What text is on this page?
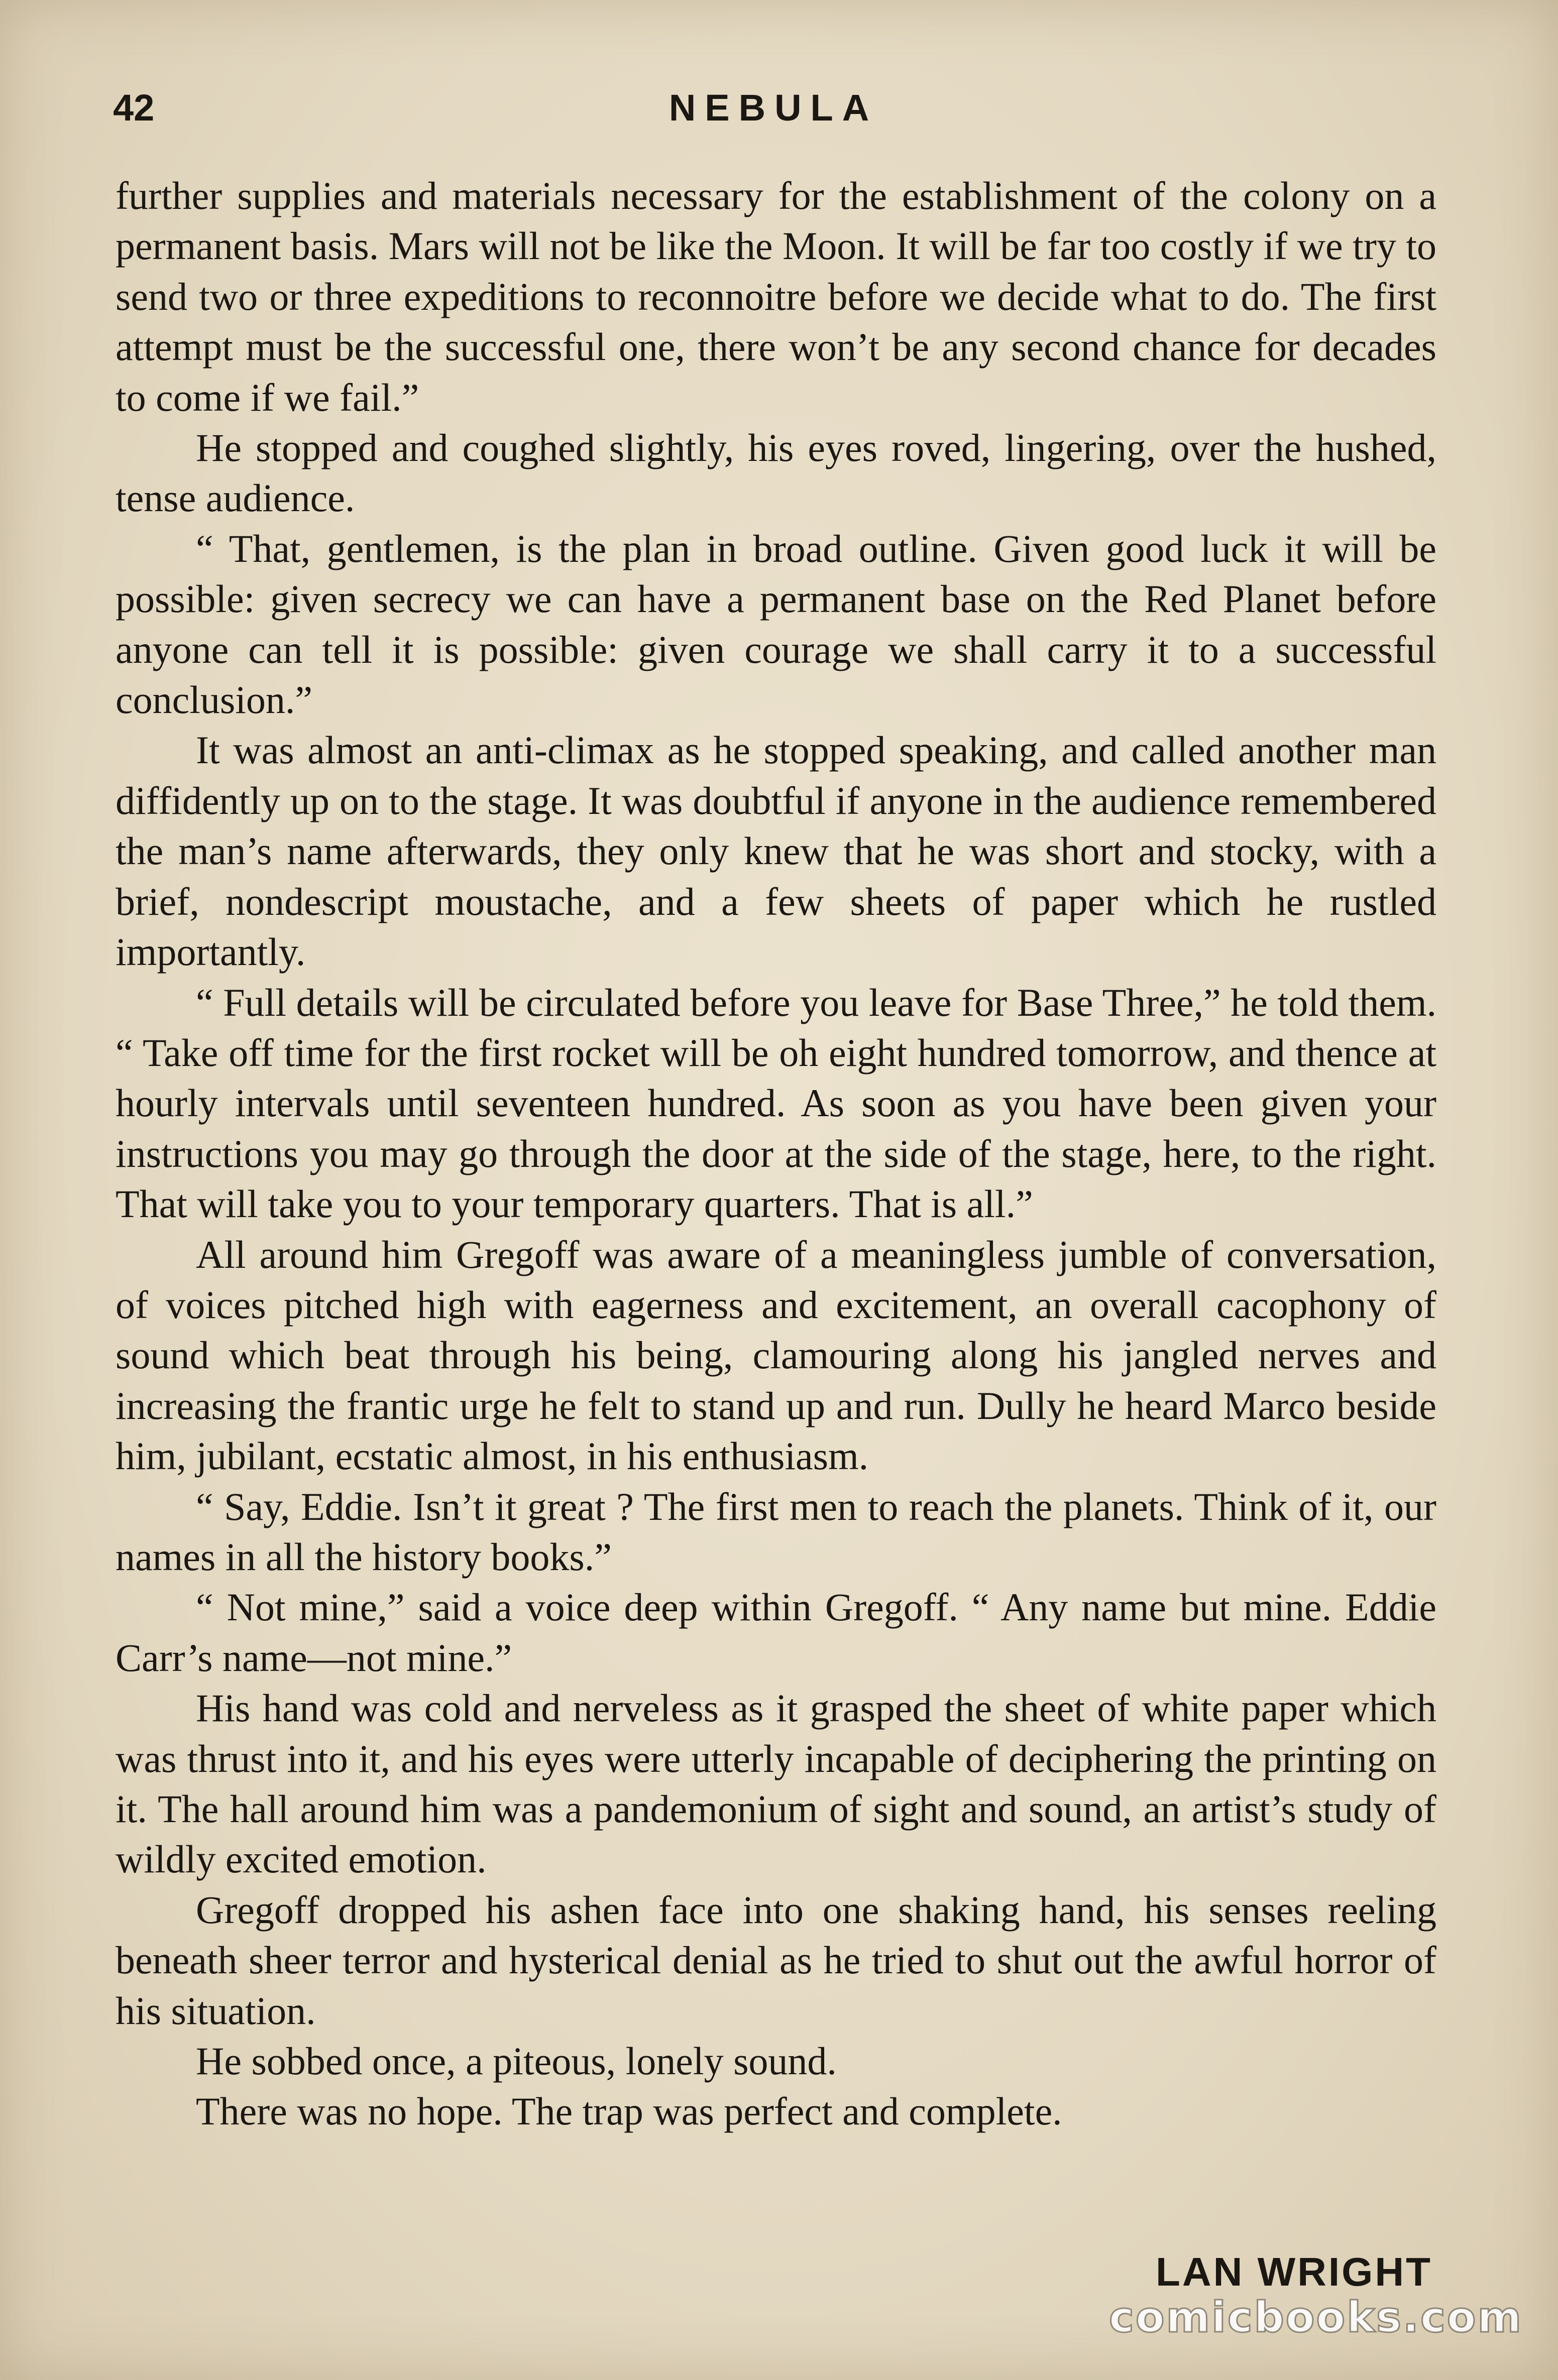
42	NEBULA

further supplies and materials necessary for the establishment of the colony on a permanent basis. Mars will not be like the Moon. It will be far too costly if we try to send two or three expeditions to reconnoitre before we decide what to do. The first attempt must be the successful one, there won’t be any second chance for decades to come if we fail.”

He stopped and coughed slightly, his eyes roved, lingering, over the hushed, tense audience.

“ That, gentlemen, is the plan in broad outline. Given good luck it will be possible: given secrecy we can have a permanent base on the Red Planet before anyone can tell it is possible: given courage we shall carry it to a successful conclusion.”

It was almost an anti-climax as he stopped speaking, and called another man diffidently up on to the stage. It was doubtful if anyone in the audience remembered the man’s name afterwards, they only knew that he was short and stocky, with a brief, nondescript moustache, and a few sheets of paper which he rustled importantly.

“ Full details will be circulated before you leave for Base Three,” he told them. “ Take off time for the first rocket will be oh eight hundred tomorrow, and thence at hourly intervals until seventeen hundred. As soon as you have been given your instructions you may go through the door at the side of the stage, here, to the right. That will take you to your temporary quarters. That is all.”

All around him Gregoff was aware of a meaningless jumble of conversation, of voices pitched high with eagerness and excitement, an overall cacophony of sound which beat through his being, clamouring along his jangled nerves and increasing the frantic urge he felt to stand up and run. Dully he heard Marco beside him, jubilant, ecstatic almost, in his enthusiasm.

“ Say, Eddie. Isn’t it great ? The first men to reach the planets. Think of it, our names in all the history books.”

“ Not mine,” said a voice deep within Gregoff. “ Any name but mine. Eddie Carr’s name—not mine.”

His hand was cold and nerveless as it grasped the sheet of white paper which was thrust into it, and his eyes were utterly incapable of deciphering the printing on it. The hall around him was a pandemonium of sight and sound, an artist’s study of wildly excited emotion.

Gregoff dropped his ashen face into one shaking hand, his senses reeling beneath sheer terror and hysterical denial as he tried to shut out the awful horror of his situation.

He sobbed once, a piteous, lonely sound.

There was no hope. The trap was perfect and complete.

LAN WRIGHT
comicbooks.com
